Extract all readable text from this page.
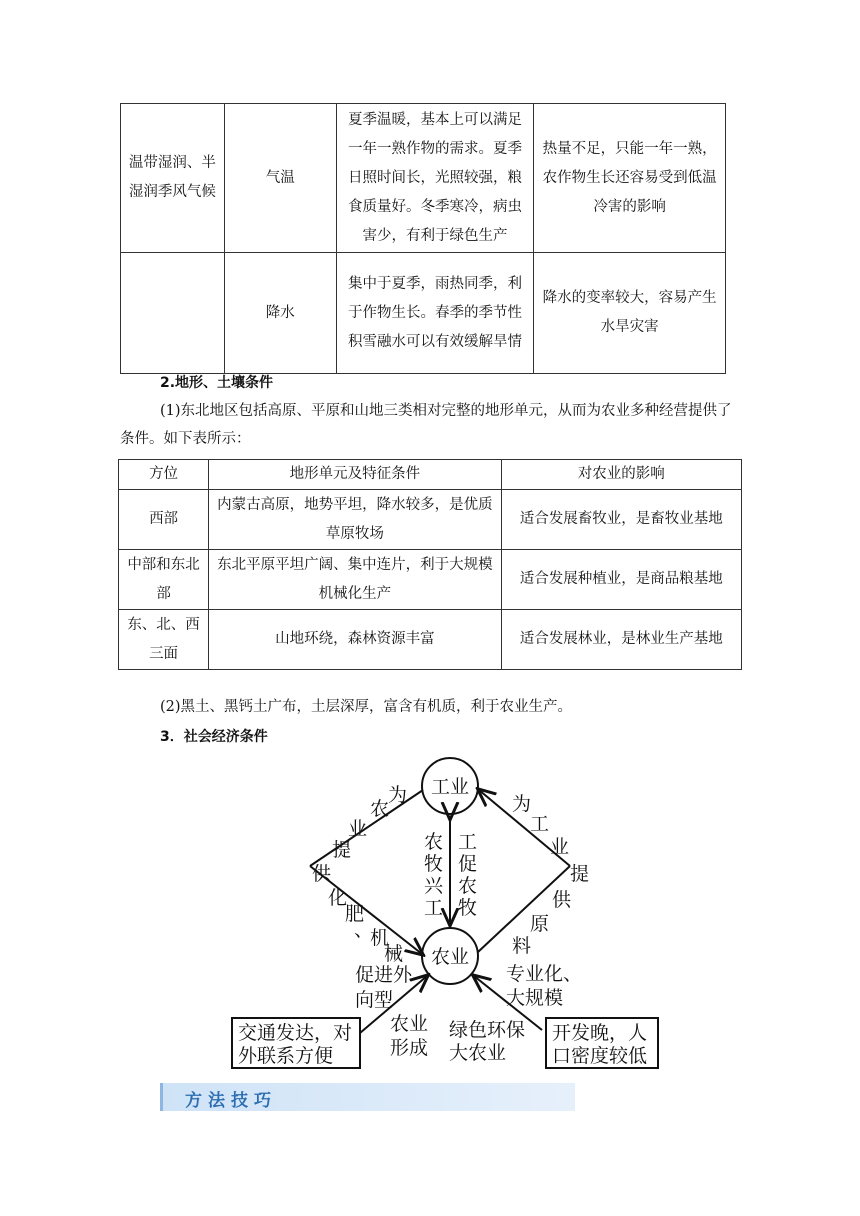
温带湿润、半湿润季风气候	气温	夏季温暖，基本上可以满足一年一熟作物的需求。夏季日照时间长，光照较强，粮食质量好。冬季寒冷，病虫害少，有利于绿色生产	热量不足，只能一年一熟，农作物生长还容易受到低温冷害的影响
	降水	集中于夏季，雨热同季，利于作物生长。春季的季节性积雪融水可以有效缓解旱情	降水的变率较大，容易产生水旱灾害
2.地形、土壤条件
(1)东北地区包括高原、平原和山地三类相对完整的地形单元，从而为农业多种经营提供了条件。如下表所示：
方位	地形单元及特征条件	对农业的影响
西部	内蒙古高原，地势平坦，降水较多，是优质草原牧场	适合发展畜牧业，是畜牧业基地
中部和东北部	东北平原平坦广阔、集中连片，利于大规模机械化生产	适合发展种植业，是商品粮基地
东、北、西三面	山地环绕，森林资源丰富	适合发展林业，是林业生产基地
(2)黑土、黑钙土广布，土层深厚，富含有机质，利于农业生产。
3．社会经济条件
工业
农业
为
农
业
提
供
化
肥
、
机
械
为
工
业
提
供
原
料
农
牧
兴
工
工
促
农
牧
促进外
向型
农业
形成
绿色环保
大农业
专业化、
大规模
交通发达，对
外联系方便
开发晚，人
口密度较低
方法技巧
